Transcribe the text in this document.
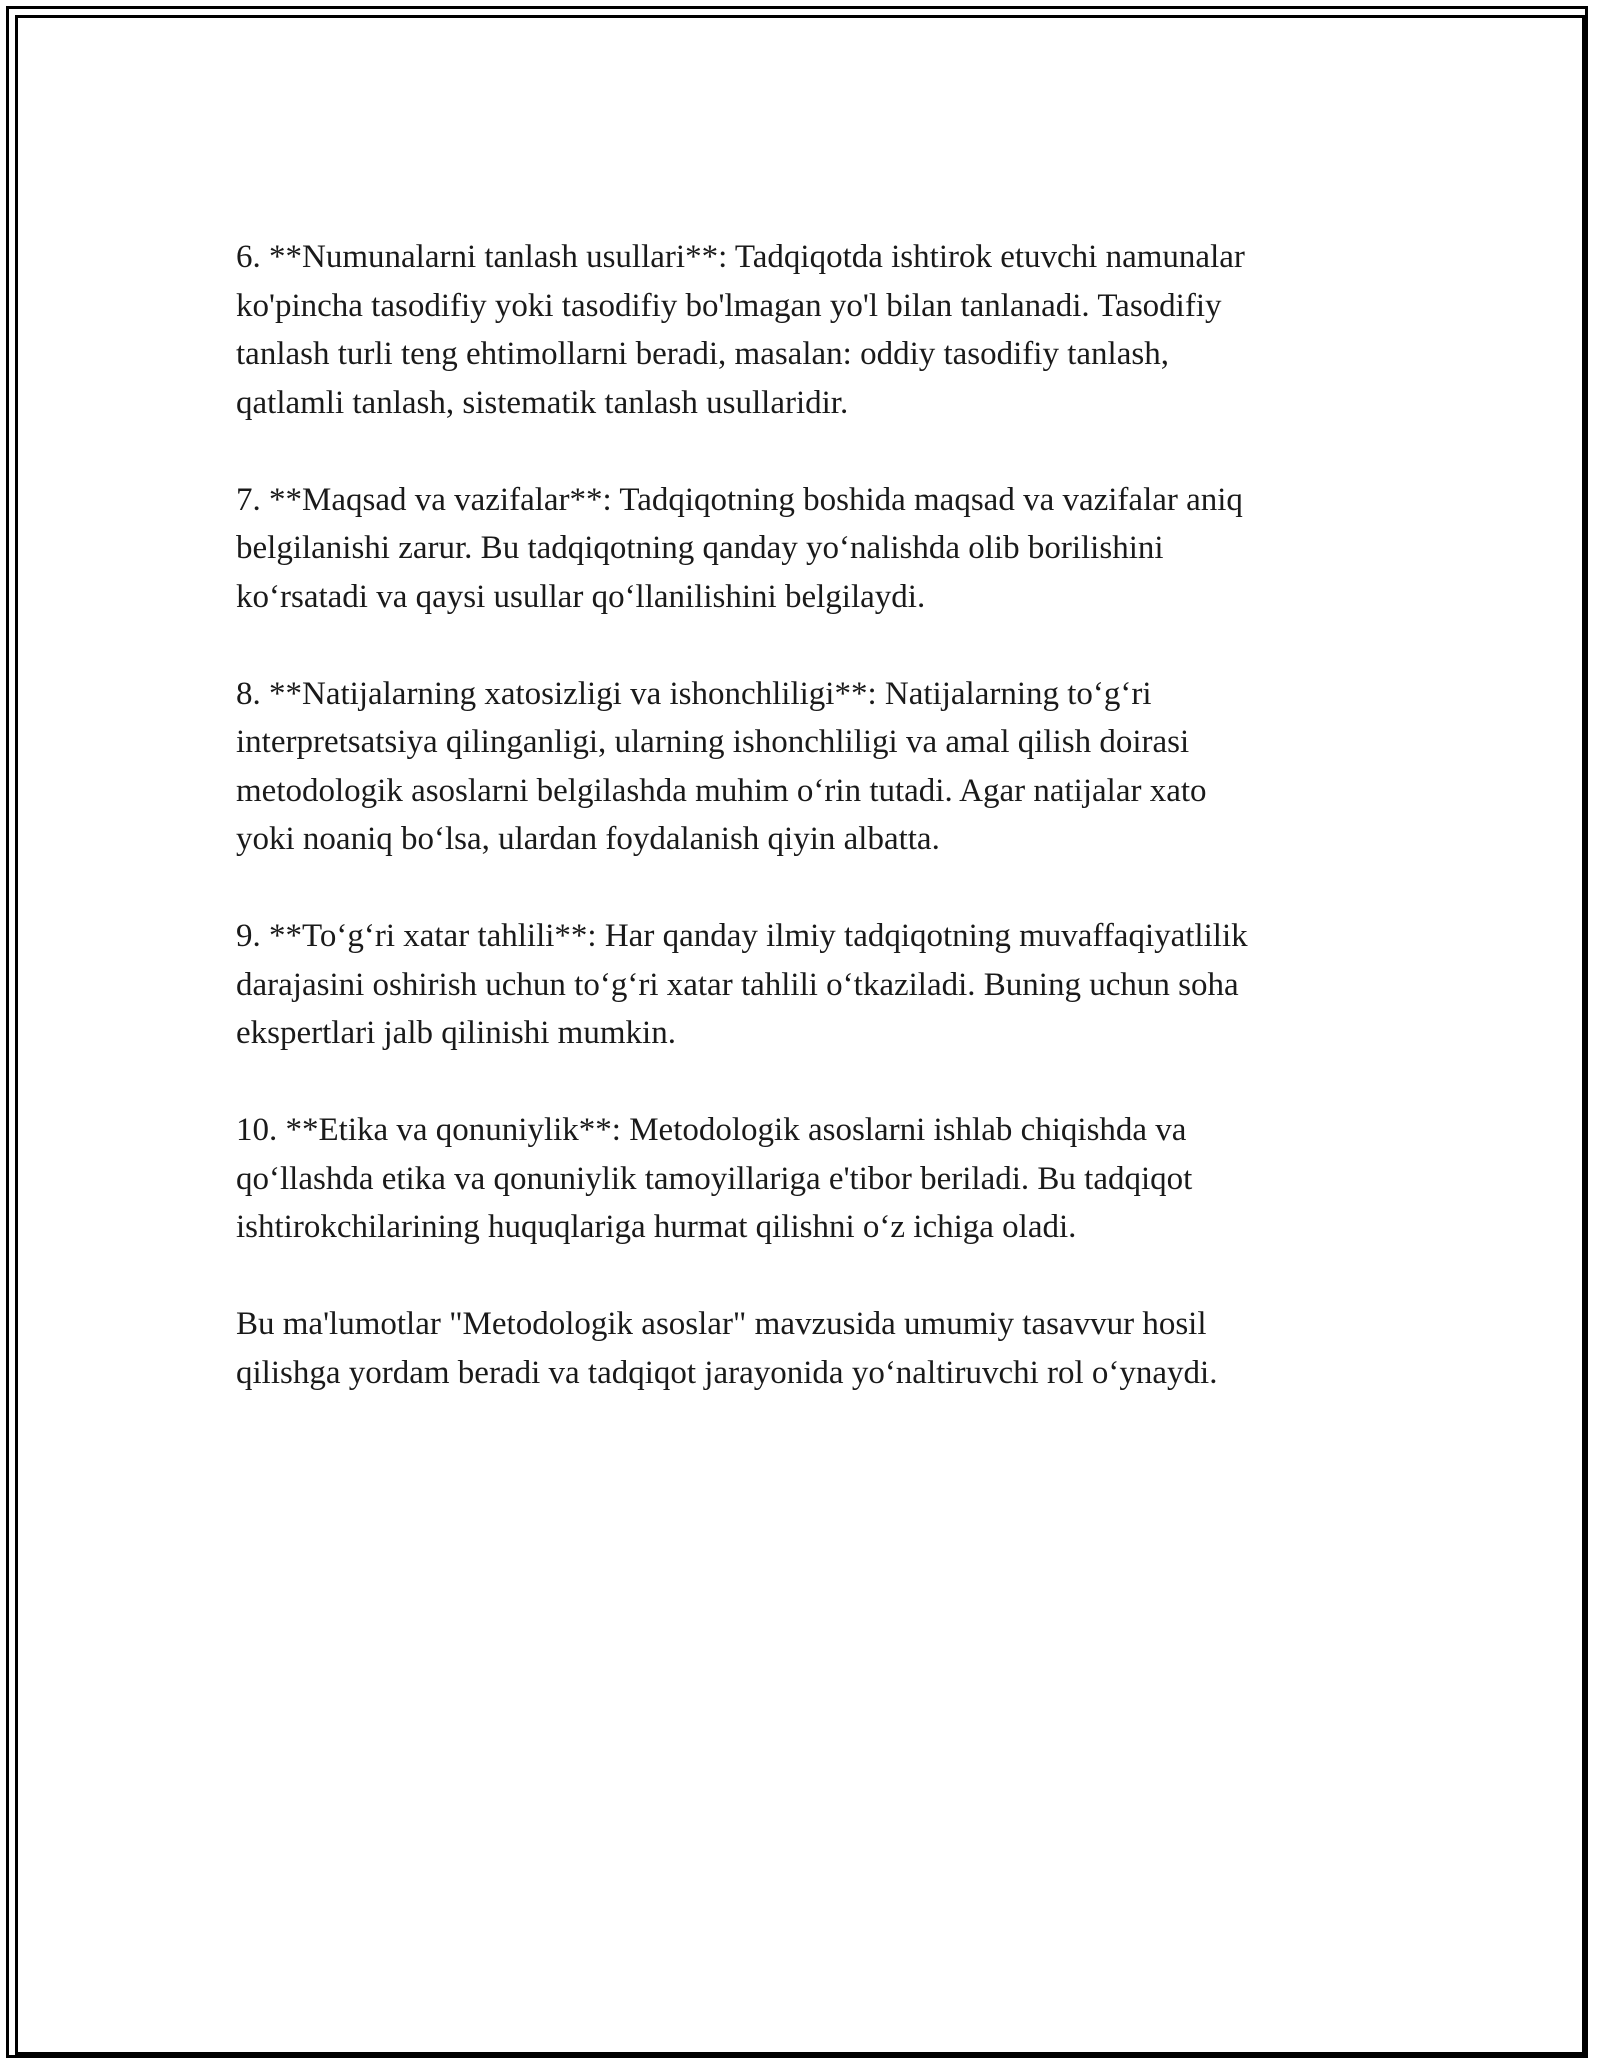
6. **Numunalarni tanlash usullari**: Tadqiqotda ishtirok etuvchi namunalar
ko'pincha tasodifiy yoki tasodifiy bo'lmagan yo'l bilan tanlanadi. Tasodifiy
tanlash turli teng ehtimollarni beradi, masalan: oddiy tasodifiy tanlash,
qatlamli tanlash, sistematik tanlash usullaridir.

7. **Maqsad va vazifalar**: Tadqiqotning boshida maqsad va vazifalar aniq
belgilanishi zarur. Bu tadqiqotning qanday yo‘nalishda olib borilishini
ko‘rsatadi va qaysi usullar qo‘llanilishini belgilaydi.

8. **Natijalarning xatosizligi va ishonchliligi**: Natijalarning to‘g‘ri
interpretsatsiya qilinganligi, ularning ishonchliligi va amal qilish doirasi
metodologik asoslarni belgilashda muhim o‘rin tutadi. Agar natijalar xato
yoki noaniq bo‘lsa, ulardan foydalanish qiyin albatta.

9. **To‘g‘ri xatar tahlili**: Har qanday ilmiy tadqiqotning muvaffaqiyatlilik
darajasini oshirish uchun to‘g‘ri xatar tahlili o‘tkaziladi. Buning uchun soha
ekspertlari jalb qilinishi mumkin.

10. **Etika va qonuniylik**: Metodologik asoslarni ishlab chiqishda va
qo‘llashda etika va qonuniylik tamoyillariga e'tibor beriladi. Bu tadqiqot
ishtirokchilarining huquqlariga hurmat qilishni o‘z ichiga oladi.

Bu ma'lumotlar "Metodologik asoslar" mavzusida umumiy tasavvur hosil
qilishga yordam beradi va tadqiqot jarayonida yo‘naltiruvchi rol o‘ynaydi.
